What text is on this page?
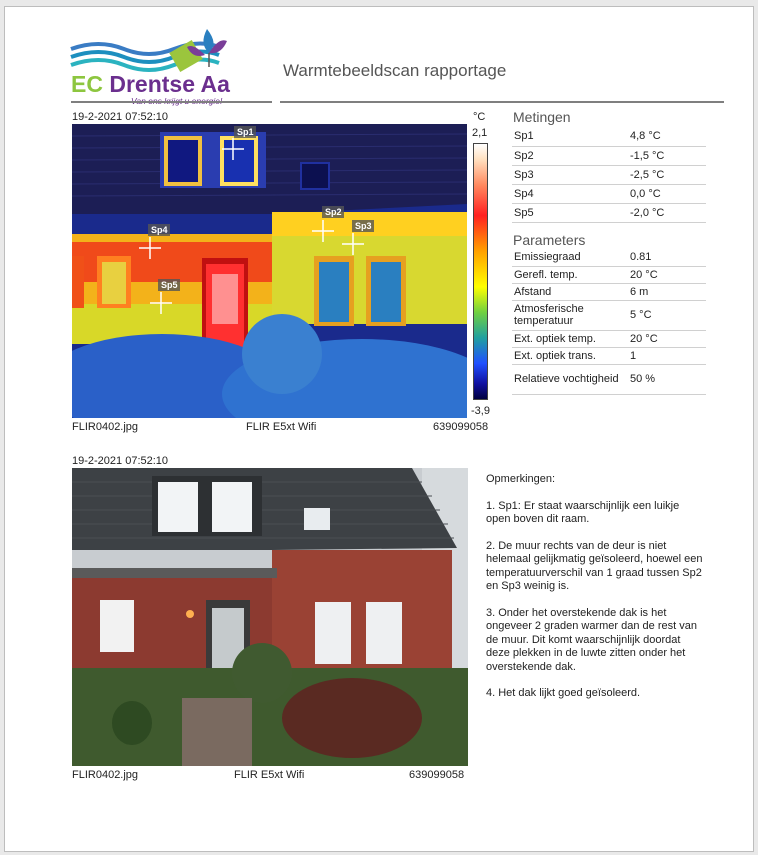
EC Drentse Aa
Warmtebeeldscan rapportage
19-2-2021 07:52:10
Sp1
Sp2
Sp3
Sp4
Sp5
°C
2,1
-3,9
FLIR0402.jpg	FLIR E5xt Wifi	639099058
Metingen
Sp1	4,8 °C
Sp2	-1,5 °C
Sp3	-2,5 °C
Sp4	0,0 °C
Sp5	-2,0 °C
Parameters
Emissiegraad	0.81
Gerefl. temp.	20 °C
Afstand	6 m
Atmosferische temperatuur	5 °C
Ext. optiek temp.	20 °C
Ext. optiek trans.	1
Relatieve vochtigheid	50 %
19-2-2021 07:52:10
FLIR0402.jpg	FLIR E5xt Wifi	639099058

Opmerkingen:

1. Sp1: Er staat waarschijnlijk een luikje open boven dit raam.

2. De muur rechts van de deur is niet helemaal gelijkmatig geïsoleerd, hoewel een temperatuurverschil van 1 graad tussen Sp2 en Sp3 weinig is.

3. Onder het overstekende dak is het ongeveer 2 graden warmer dan de rest van de muur. Dit komt waarschijnlijk doordat deze plekken in de luwte zitten onder het overstekende dak.

4. Het dak lijkt goed geïsoleerd.
